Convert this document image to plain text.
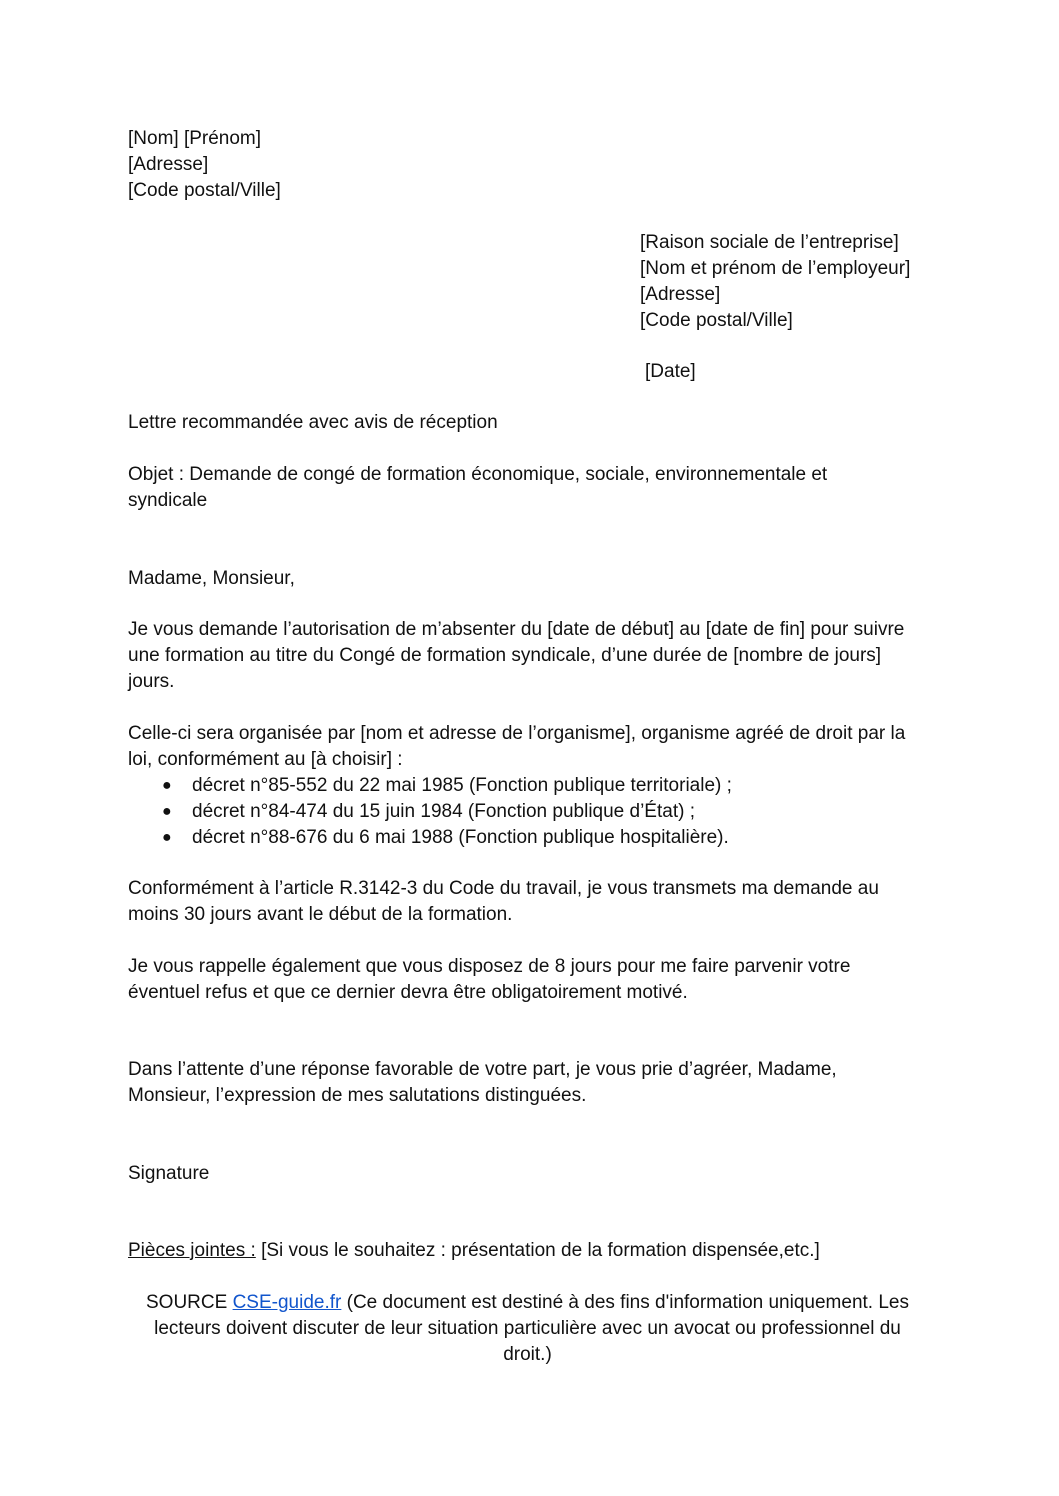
[Nom] [Prénom]
[Adresse]
[Code postal/Ville]
[Raison sociale de l’entreprise]
[Nom et prénom de l’employeur]
[Adresse]
[Code postal/Ville]
[Date]
Lettre recommandée avec avis de réception
Objet : Demande de congé de formation économique, sociale, environnementale et
syndicale
Madame, Monsieur,
Je vous demande l’autorisation de m’absenter du [date de début] au [date de fin] pour suivre
une formation au titre du Congé de formation syndicale, d’une durée de [nombre de jours]
jours.
Celle-ci sera organisée par [nom et adresse de l’organisme], organisme agréé de droit par la
loi, conformément au [à choisir] :
● décret n°85-552 du 22 mai 1985 (Fonction publique territoriale) ;
● décret n°84-474 du 15 juin 1984 (Fonction publique d’État) ;
● décret n°88-676 du 6 mai 1988 (Fonction publique hospitalière).
Conformément à l’article R.3142-3 du Code du travail, je vous transmets ma demande au
moins 30 jours avant le début de la formation.
Je vous rappelle également que vous disposez de 8 jours pour me faire parvenir votre
éventuel refus et que ce dernier devra être obligatoirement motivé.
Dans l’attente d’une réponse favorable de votre part, je vous prie d’agréer, Madame,
Monsieur, l’expression de mes salutations distinguées.
Signature
Pièces jointes : [Si vous le souhaitez : présentation de la formation dispensée,etc.]
SOURCE CSE-guide.fr (Ce document est destiné à des fins d'information uniquement. Les
lecteurs doivent discuter de leur situation particulière avec un avocat ou professionnel du
droit.)
